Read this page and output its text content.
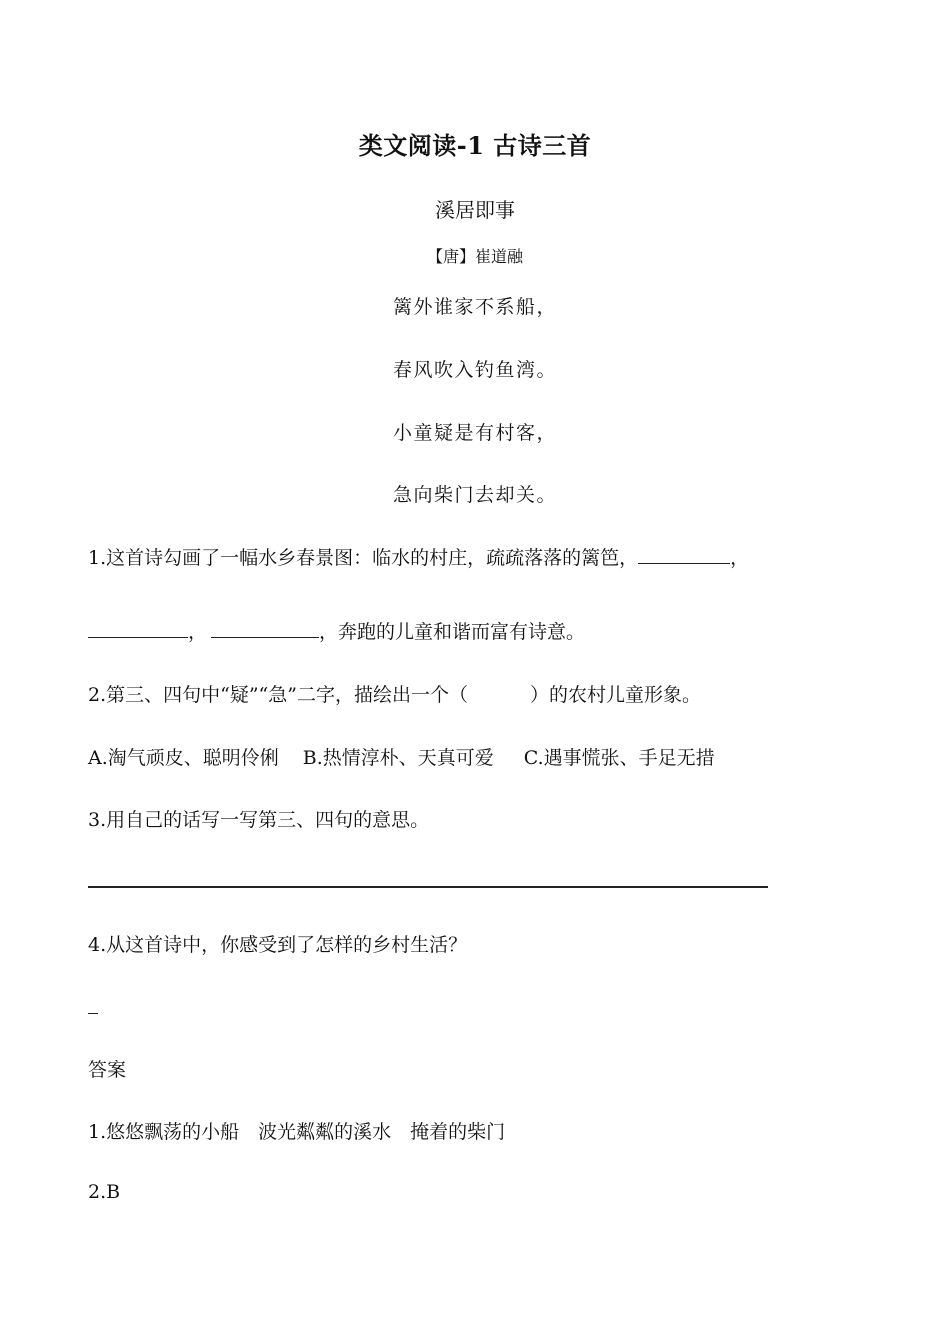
类文阅读-1 古诗三首
溪居即事
【唐】崔道融
篱外谁家不系船，
春风吹入钓鱼湾。
小童疑是有村客，
急向柴门去却关。
1.这首诗勾画了一幅水乡春景图：临水的村庄，疏疏落落的篱笆，	，
，	，奔跑的儿童和谐而富有诗意。
2.第三、四句中“疑”“急”二字，描绘出一个（	）的农村儿童形象。
A.淘气顽皮、聪明伶俐 B.热情淳朴、天真可爱 C.遇事慌张、手足无措
3.用自己的话写一写第三、四句的意思。
4.从这首诗中，你感受到了怎样的乡村生活？
答案
1.悠悠飘荡的小船　波光粼粼的溪水　掩着的柴门
2.B
